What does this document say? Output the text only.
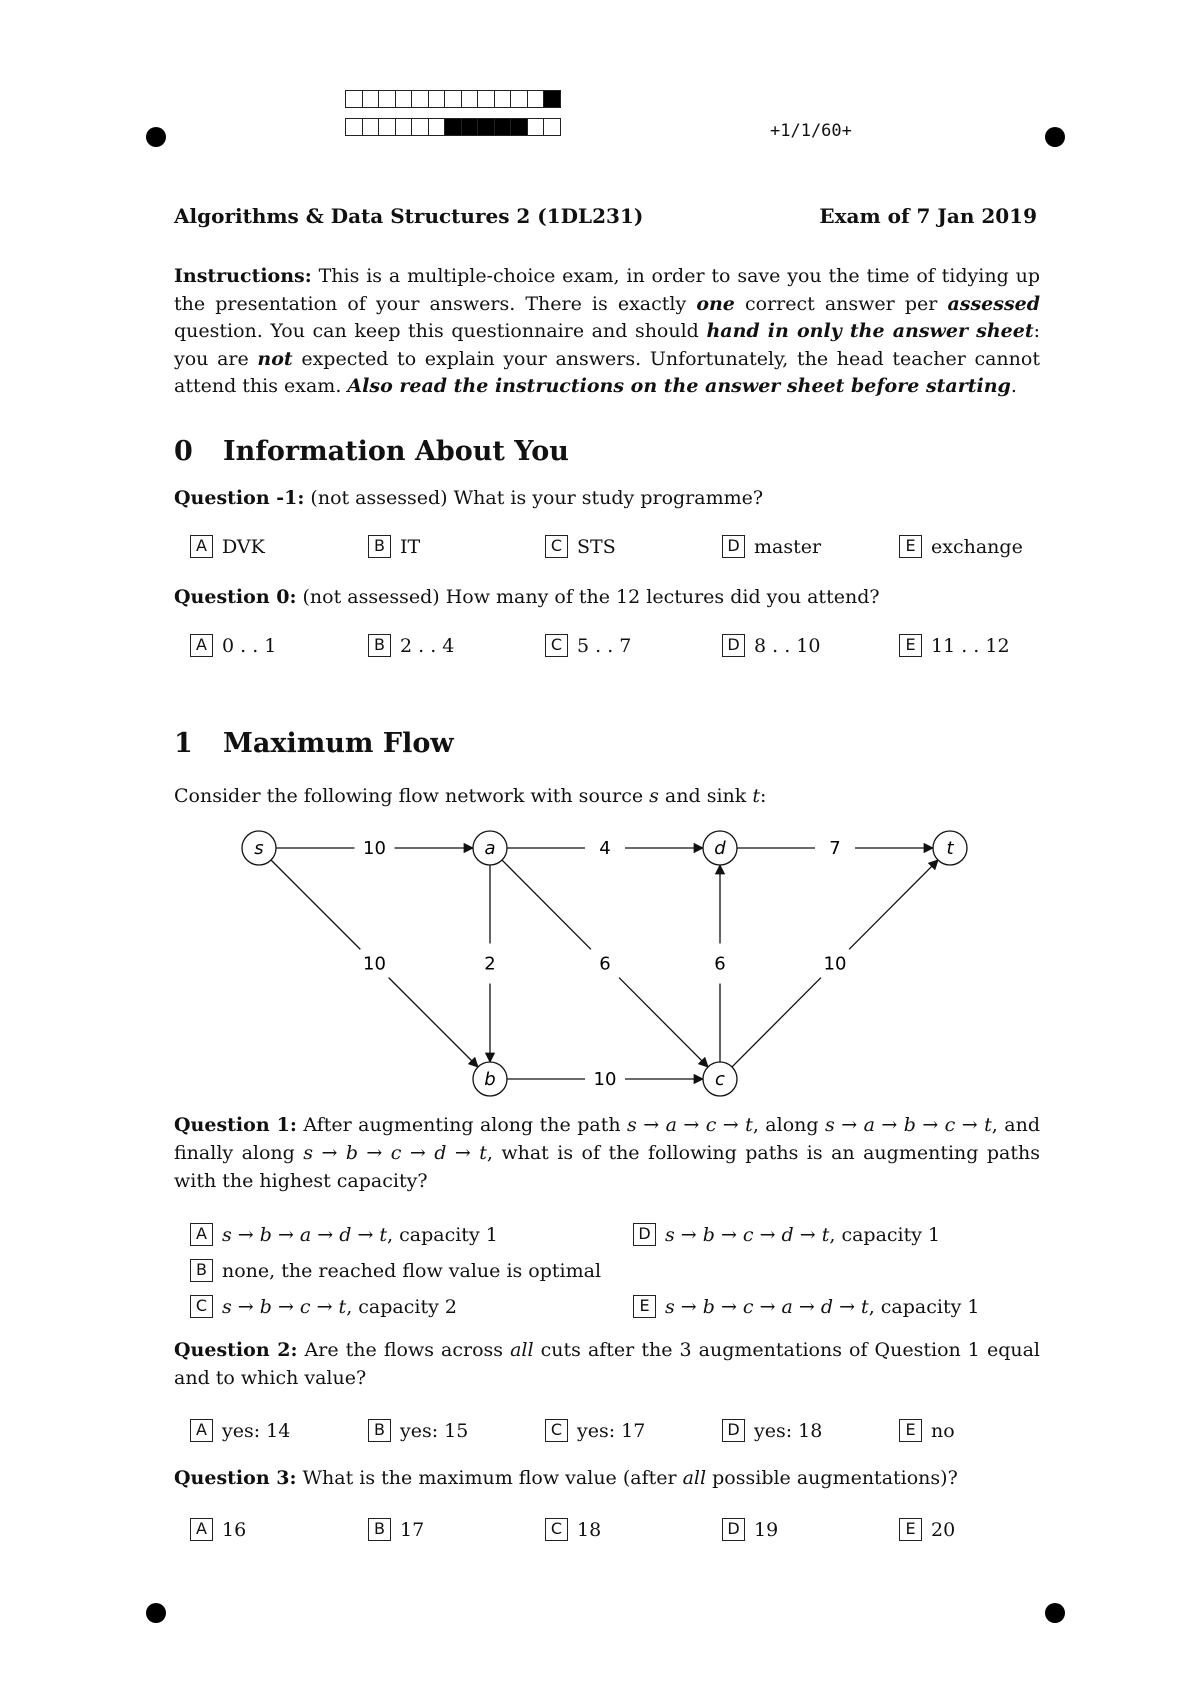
+1/1/60+
Algorithms & Data Structures 2 (1DL231)	Exam of 7 Jan 2019
Instructions: This is a multiple-choice exam, in order to save you the time of tidying up the presentation of your answers. There is exactly one correct answer per assessed question. You can keep this questionnaire and should hand in only the answer sheet: you are not expected to explain your answers. Unfortunately, the head teacher cannot attend this exam. Also read the instructions on the answer sheet before starting.
0 Information About You
Question -1: (not assessed) What is your study programme?
A DVK	B IT	C STS	D master	E exchange
Question 0: (not assessed) How many of the 12 lectures did you attend?
A 0 . . 1	B 2 . . 4	C 5 . . 7	D 8 . . 10	E 11 . . 12
1 Maximum Flow
Consider the following flow network with source s and sink t:
10	4	7
10	2	6	6	10
10
s	a	d	t
b	c
Question 1: After augmenting along the path s → a → c → t, along s → a → b → c → t, and finally along s → b → c → d → t, what is of the following paths is an augmenting paths with the highest capacity?
A s → b → a → d → t , capacity 1
B none, the reached flow value is optimal
C s → b → c → t , capacity 2
D s → b → c → d → t , capacity 1
E s → b → c → a → d → t , capacity 1
Question 2: Are the flows across all cuts after the 3 augmentations of Question 1 equal and to which value?
A yes: 14	B yes: 15	C yes: 17	D yes: 18	E no
Question 3: What is the maximum flow value (after all possible augmentations)?
A 16	B 17	C 18	D 19	E 20
